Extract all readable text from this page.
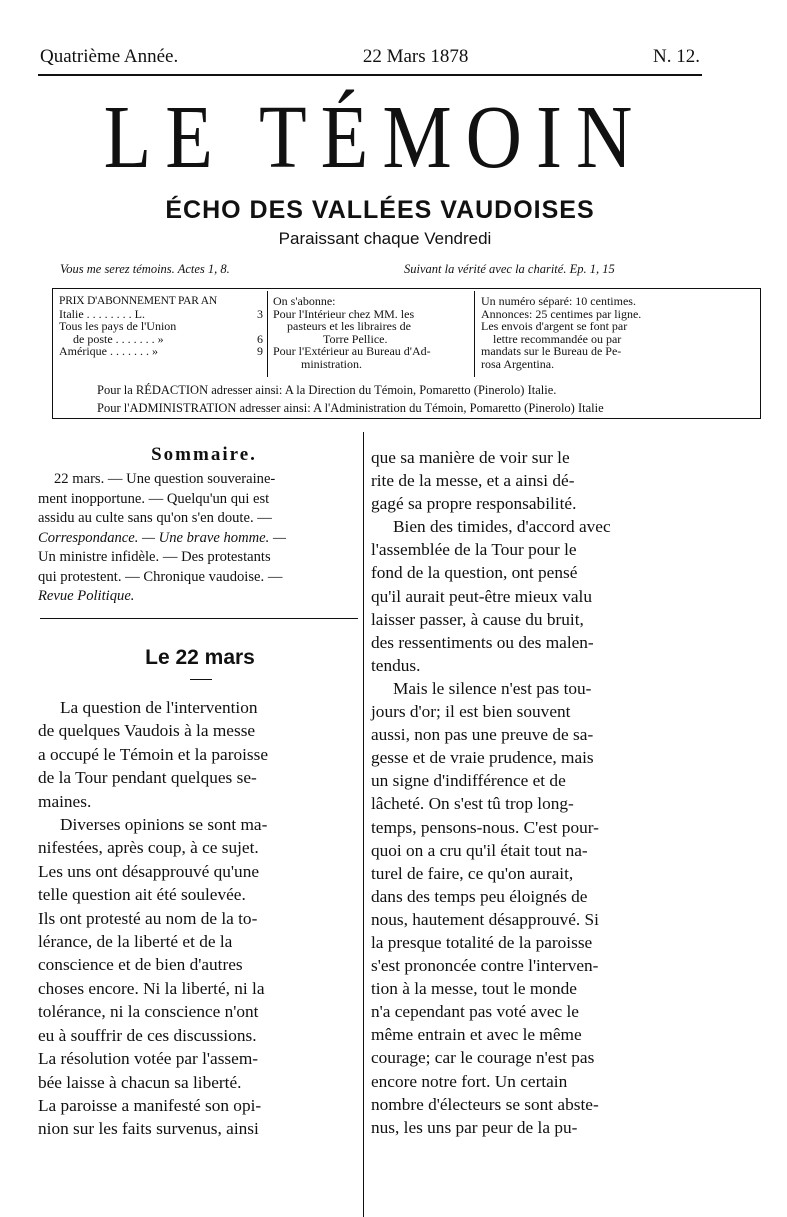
Quatrième Année.	22 Mars 1878	N. 12.
LE TÉMOIN
ÉCHO DES VALLÉES VAUDOISES
Paraissant chaque Vendredi
Vous me serez témoins. Actes 1, 8.	Suivant la vérité avec la charité. Ep. 1, 15
PRIX D'ABONNEMENT PAR AN
Italie . . . . . . . . L.	3
Tous les pays de l'Union
de poste . . . . . . . »	6
Amérique . . . . . . . »	9
On s'abonne:
Pour l'Intérieur chez MM. les
pasteurs et les libraires de
Torre Pellice.
Pour l'Extérieur au Bureau d'Ad-
ministration.
Un numéro séparé: 10 centimes.
Annonces: 25 centimes par ligne.
Les envois d'argent se font par
lettre recommandée ou par
mandats sur le Bureau de Pe-
rosa Argentina.
Pour la RÉDACTION adresser ainsi: A la Direction du Témoin, Pomaretto (Pinerolo) Italie.
Pour l'ADMINISTRATION adresser ainsi: A l'Administration du Témoin, Pomaretto (Pinerolo) Italie
Sommaire.
22 mars. — Une question souveraine-
ment inopportune. — Quelqu'un qui est
assidu au culte sans qu'on s'en doute. —
Correspondance. — Une brave homme. —
Un ministre infidèle. — Des protestants
qui protestent. — Chronique vaudoise. —
Revue Politique.
Le 22 mars
La question de l'intervention
de quelques Vaudois à la messe
a occupé le Témoin et la paroisse
de la Tour pendant quelques se-
maines.
Diverses opinions se sont ma-
nifestées, après coup, à ce sujet.
Les uns ont désapprouvé qu'une
telle question ait été soulevée.
Ils ont protesté au nom de la to-
lérance, de la liberté et de la
conscience et de bien d'autres
choses encore. Ni la liberté, ni la
tolérance, ni la conscience n'ont
eu à souffrir de ces discussions.
La résolution votée par l'assem-
bée laisse à chacun sa liberté.
La paroisse a manifesté son opi-
nion sur les faits survenus, ainsi
que sa manière de voir sur le
rite de la messe, et a ainsi dé-
gagé sa propre responsabilité.
Bien des timides, d'accord avec
l'assemblée de la Tour pour le
fond de la question, ont pensé
qu'il aurait peut-être mieux valu
laisser passer, à cause du bruit,
des ressentiments ou des malen-
tendus.
Mais le silence n'est pas tou-
jours d'or; il est bien souvent
aussi, non pas une preuve de sa-
gesse et de vraie prudence, mais
un signe d'indifférence et de
lâcheté. On s'est tû trop long-
temps, pensons-nous. C'est pour-
quoi on a cru qu'il était tout na-
turel de faire, ce qu'on aurait,
dans des temps peu éloignés de
nous, hautement désapprouvé. Si
la presque totalité de la paroisse
s'est prononcée contre l'interven-
tion à la messe, tout le monde
n'a cependant pas voté avec le
même entrain et avec le même
courage; car le courage n'est pas
encore notre fort. Un certain
nombre d'électeurs se sont abste-
nus, les uns par peur de la pu-
